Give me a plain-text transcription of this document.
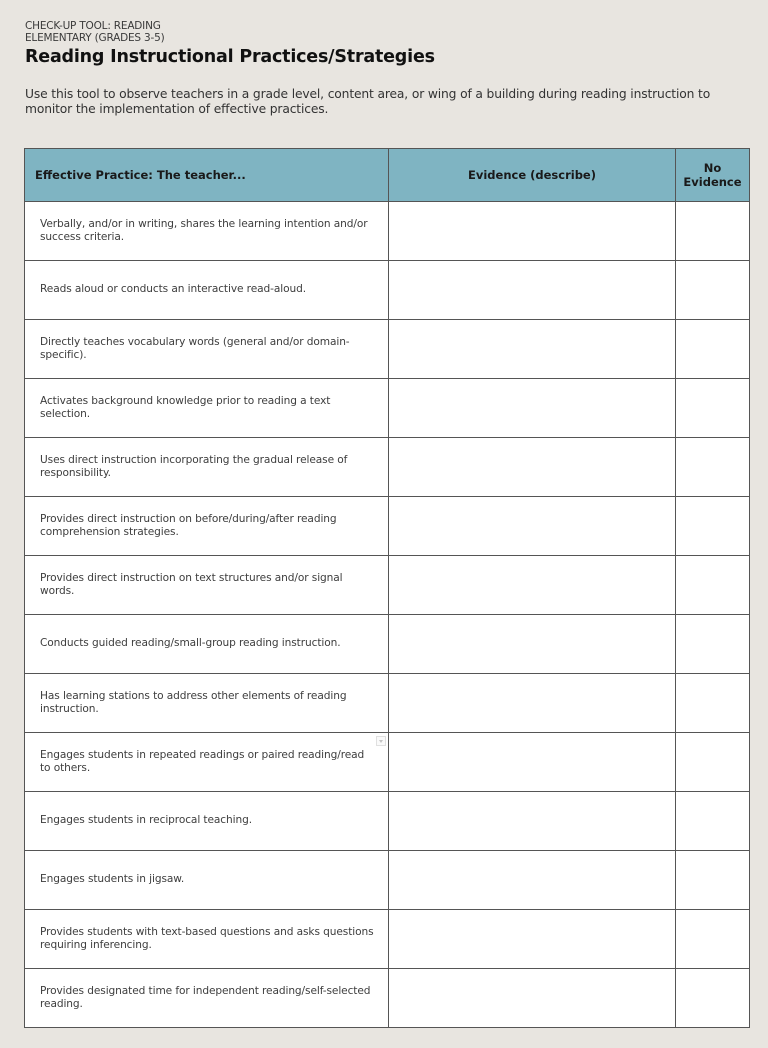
CHECK-UP TOOL: READING
ELEMENTARY (GRADES 3-5)
Reading Instructional Practices/Strategies
Use this tool to observe teachers in a grade level, content area, or wing of a building during reading instruction to monitor the implementation of effective practices.
Effective Practice: The teacher...	Evidence (describe)	No
Evidence
Verbally, and/or in writing, shares the learning intention and/or success criteria.		
Reads aloud or conducts an interactive read-aloud.		
Directly teaches vocabulary words (general and/or domain-specific).		
Activates background knowledge prior to reading a text selection.		
Uses direct instruction incorporating the gradual release of responsibility.		
Provides direct instruction on before/during/after reading comprehension strategies.		
Provides direct instruction on text structures and/or signal words.		
Conducts guided reading/small-group reading instruction.		
Has learning stations to address other elements of reading instruction.		
Engages students in repeated readings or paired reading/read to others.

Engages students in reciprocal teaching.		
Engages students in jigsaw.		
Provides students with text-based questions and asks questions requiring inferencing.		
Provides designated time for independent reading/self-selected reading.		
